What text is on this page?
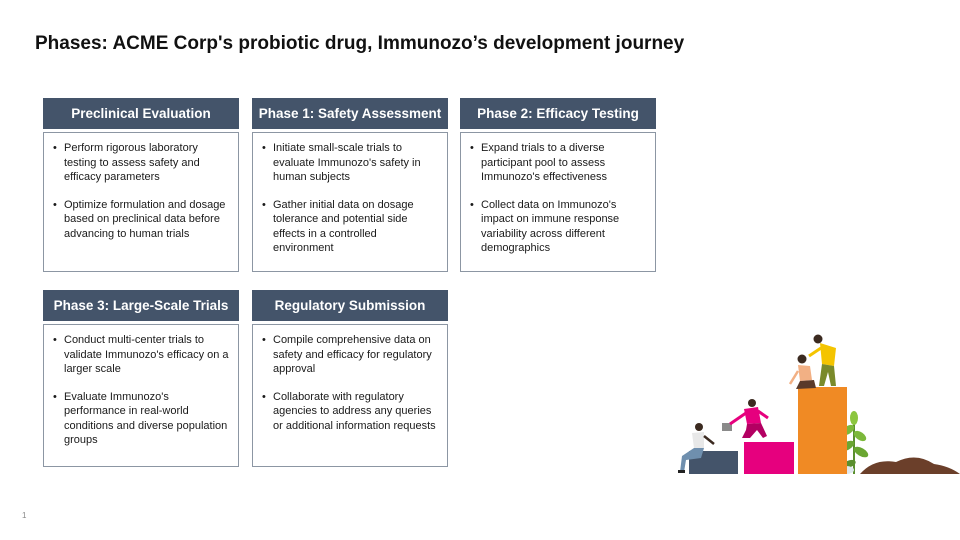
Phases: ACME Corp's probiotic drug, Immunozo’s development journey
Preclinical Evaluation
• Perform rigorous laboratory testing to assess safety and efficacy parameters
• Optimize formulation and dosage based on preclinical data before advancing to human trials
Phase 1: Safety Assessment
• Initiate small-scale trials to evaluate Immunozo's safety in human subjects
• Gather initial data on dosage tolerance and potential side effects in a controlled environment
Phase 2: Efficacy Testing
• Expand trials to a diverse participant pool to assess Immunozo's effectiveness
• Collect data on Immunozo's impact on immune response variability across different demographics
Phase 3: Large-Scale Trials
• Conduct multi-center trials to validate Immunozo's efficacy on a larger scale
• Evaluate Immunozo's performance in real-world conditions and diverse population groups
Regulatory Submission
• Compile comprehensive data on safety and efficacy for regulatory approval
• Collaborate with regulatory agencies to address any queries or additional information requests
1
